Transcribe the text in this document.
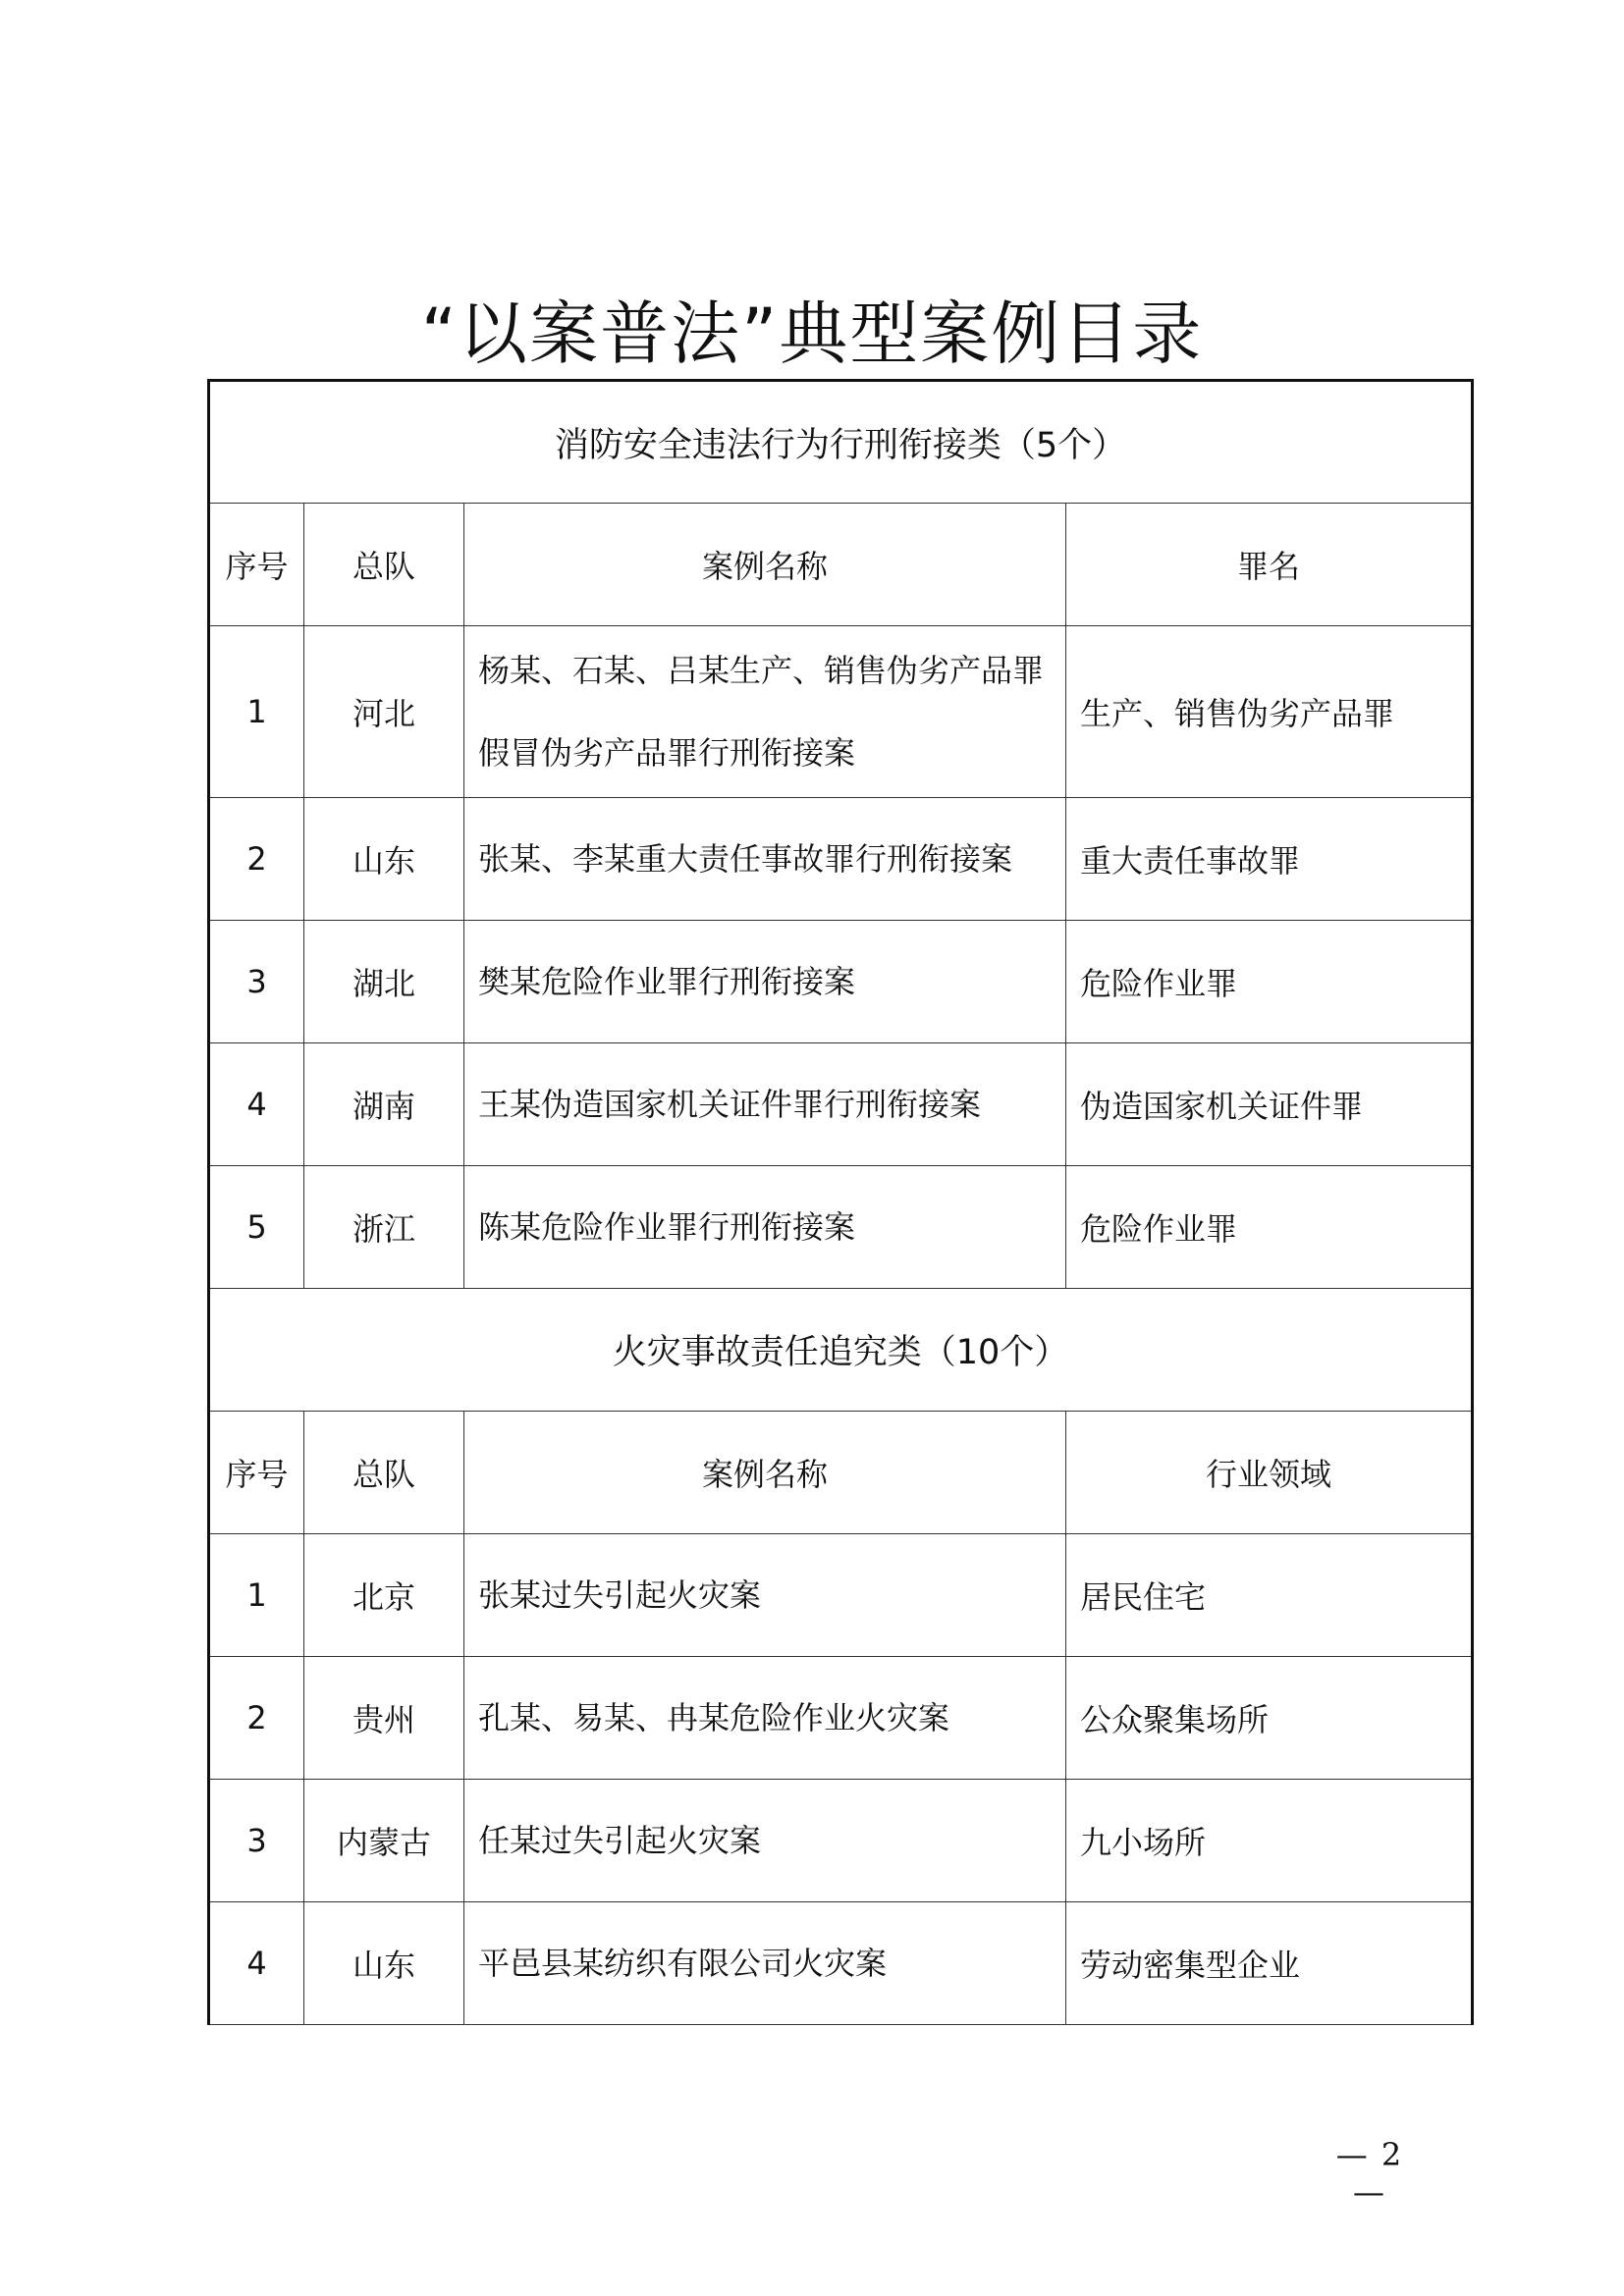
“以案普法”典型案例目录
消防安全违法行为行刑衔接类（5个）			
序号	总队	案例名称	罪名
1	河北	杨某、石某、吕某生产、销售伪劣产品罪假冒伪劣产品罪行刑衔接案	生产、销售伪劣产品罪
2	山东	张某、李某重大责任事故罪行刑衔接案	重大责任事故罪
3	湖北	樊某危险作业罪行刑衔接案	危险作业罪
4	湖南	王某伪造国家机关证件罪行刑衔接案	伪造国家机关证件罪
5	浙江	陈某危险作业罪行刑衔接案	危险作业罪
火灾事故责任追究类（10个）			
序号	总队	案例名称	行业领域
1	北京	张某过失引起火灾案	居民住宅
2	贵州	孔某、易某、冉某危险作业火灾案	公众聚集场所
3	内蒙古	任某过失引起火灾案	九小场所
4	山东	平邑县某纺织有限公司火灾案	劳动密集型企业
— 2 —
